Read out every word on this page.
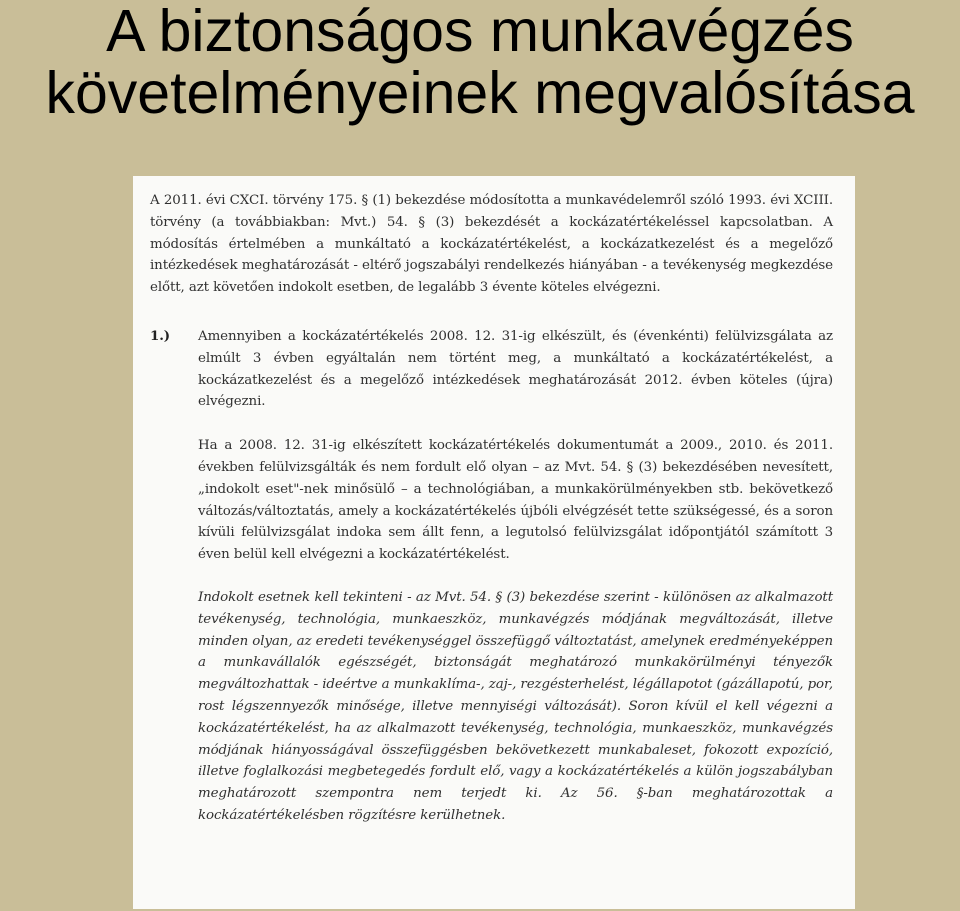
A biztonságos munkavégzés
követelményeinek megvalósítása

A 2011. évi CXCI. törvény 175. § (1) bekezdése módosította a munkavédelemről szóló 1993. évi XCIII. törvény (a továbbiakban: Mvt.) 54. § (3) bekezdését a kockázatértékeléssel kapcsolatban. A módosítás értelmében a munkáltató a kockázatértékelést, a kockázatkezelést és a megelőző intézkedések meghatározását - eltérő jogszabályi rendelkezés hiányában - a tevékenység megkezdése előtt, azt követően indokolt esetben, de legalább 3 évente köteles elvégezni.

1.)	Amennyiben a kockázatértékelés 2008. 12. 31-ig elkészült, és (évenkénti) felülvizsgálata az elmúlt 3 évben egyáltalán nem történt meg, a munkáltató a kockázatértékelést, a kockázatkezelést és a megelőző intézkedések meghatározását 2012. évben köteles (újra) elvégezni.

Ha a 2008. 12. 31-ig elkészített kockázatértékelés dokumentumát a 2009., 2010. és 2011. években felülvizsgálták és nem fordult elő olyan – az Mvt. 54. § (3) bekezdésében nevesített, „indokolt eset"-nek minősülő – a technológiában, a munkakörülményekben stb. bekövetkező változás/változtatás, amely a kockázatértékelés újbóli elvégzését tette szükségessé, és a soron kívüli felülvizsgálat indoka sem állt fenn, a legutolsó felülvizsgálat időpontjától számított 3 éven belül kell elvégezni a kockázatértékelést.

Indokolt esetnek kell tekinteni - az Mvt. 54. § (3) bekezdése szerint - különösen az alkalmazott tevékenység, technológia, munkaeszköz, munkavégzés módjának megváltozását, illetve minden olyan, az eredeti tevékenységgel összefüggő változtatást, amelynek eredményeképpen a munkavállalók egészségét, biztonságát meghatározó munkakörülményi tényezők megváltozhattak - ideértve a munkaklíma-, zaj-, rezgésterhelést, légállapotot (gázállapotú, por, rost légszennyezők minősége, illetve mennyiségi változását). Soron kívül el kell végezni a kockázatértékelést, ha az alkalmazott tevékenység, technológia, munkaeszköz, munkavégzés módjának hiányosságával összefüggésben bekövetkezett munkabaleset, fokozott expozíció, illetve foglalkozási megbetegedés fordult elő, vagy a kockázatértékelés a külön jogszabályban meghatározott szempontra nem terjedt ki. Az 56. §-ban meghatározottak a kockázatértékelésben rögzítésre kerülhetnek.
